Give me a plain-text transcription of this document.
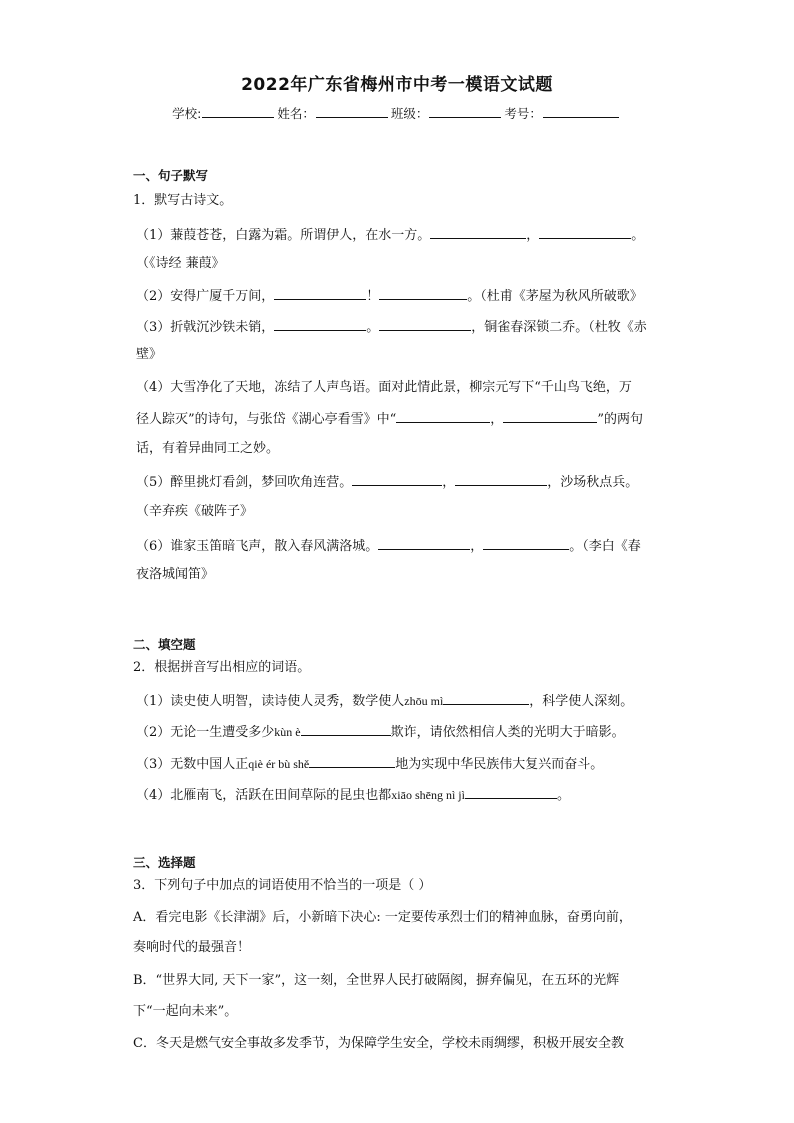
2022年广东省梅州市中考一模语文试题
学校:	姓名：	班级：	考号：
一、句子默写
1．默写古诗文。
（1）蒹葭苍苍，白露为霜。所谓伊人，在水一方。	，	。
（《诗经 蒹葭》
（2）安得广厦千万间，	！	。（杜甫《茅屋为秋风所破歌》
（3）折戟沉沙铁未销，	。	，铜雀春深锁二乔。（杜牧《赤
壁》
（4）大雪净化了天地，冻结了人声鸟语。面对此情此景，柳宗元写下“千山鸟飞绝，万
径人踪灭”的诗句，与张岱《湖心亭看雪》中“	，	”的两句
话，有着异曲同工之妙。
（5）醉里挑灯看剑，梦回吹角连营。	，	，沙场秋点兵。
（辛弃疾《破阵子》
（6）谁家玉笛暗飞声，散入春风满洛城。	，	。（李白《春
夜洛城闻笛》
二、填空题
2．根据拼音写出相应的词语。
（1）读史使人明智，读诗使人灵秀，数学使人zhōu mì	，科学使人深刻。
（2）无论一生遭受多少kùn è	欺诈，请依然相信人类的光明大于暗影。
（3）无数中国人正qiè ér bù shě	地为实现中华民族伟大复兴而奋斗。
（4）北雁南飞，活跃在田间草际的昆虫也都xiāo shēng nì jì	。
三、选择题
3．下列句子中加点的词语使用不恰当的一项是（ ）
A．看完电影《长津湖》后，小新暗下决心: 一定要传承烈士们的精神血脉，奋勇向前，
奏响时代的最强音！
B．“世界大同, 天下一家”，这一刻，全世界人民打破隔阂，摒弃偏见，在五环的光辉
下“一起向未来”。
C．冬天是燃气安全事故多发季节，为保障学生安全，学校未雨绸缪，积极开展安全教
